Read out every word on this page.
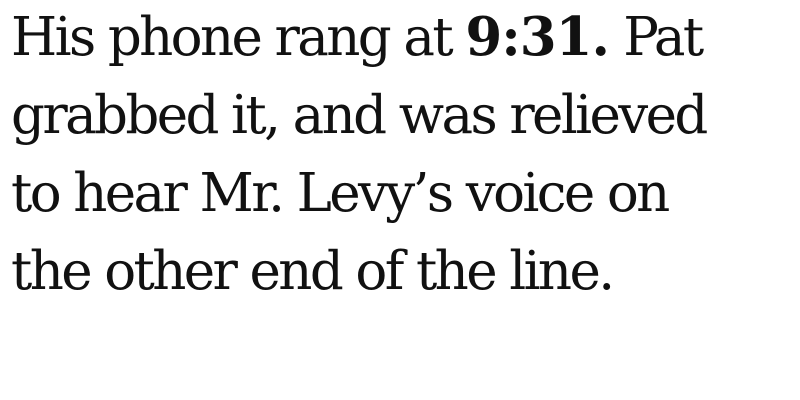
His phone rang at 9:31. Pat
grabbed it, and was relieved
to hear Mr. Levy’s voice on
the other end of the line.
